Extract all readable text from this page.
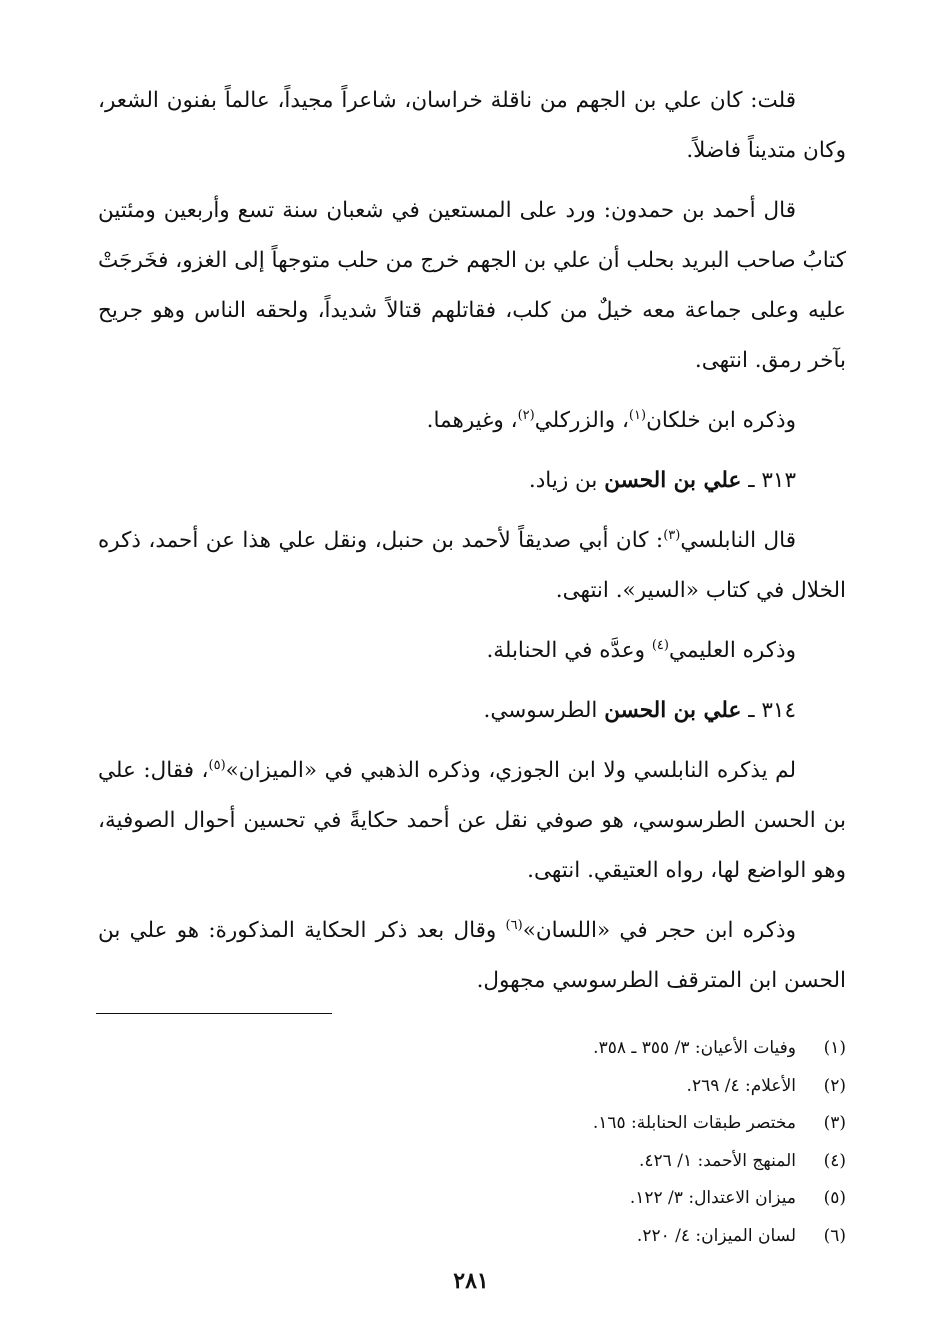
قلت: كان علي بن الجهم من ناقلة خراسان، شاعراً مجيداً، عالماً بفنون الشعر، وكان متديناً فاضلاً.

قال أحمد بن حمدون: ورد على المستعين في شعبان سنة تسع وأربعين ومئتين كتابُ صاحب البريد بحلب أن علي بن الجهم خرج من حلب متوجهاً إلى الغزو، فخَرجَتْ عليه وعلى جماعة معه خيلٌ من كلب، فقاتلهم قتالاً شديداً، ولحقه الناس وهو جريح بآخر رمق. انتهى.

وذكره ابن خلكان$^{(١)}$، والزركلي$^{(٢)}$، وغيرهما.

٣١٣ ـ علي بن الحسن بن زياد.

قال النابلسي$^{(٣)}$: كان أبي صديقاً لأحمد بن حنبل، ونقل علي هذا عن أحمد، ذكره الخلال في كتاب «السير». انتهى.

وذكره العليمي$^{(٤)}$ وعدَّه في الحنابلة.

٣١٤ ـ علي بن الحسن الطرسوسي.

لم يذكره النابلسي ولا ابن الجوزي، وذكره الذهبي في «الميزان»$^{(٥)}$، فقال: علي بن الحسن الطرسوسي، هو صوفي نقل عن أحمد حكايةً في تحسين أحوال الصوفية، وهو الواضع لها، رواه العتيقي. انتهى.

وذكره ابن حجر في «اللسان»$^{(٦)}$ وقال بعد ذكر الحكاية المذكورة: هو علي بن الحسن ابن المترقف الطرسوسي مجهول.

(١)وفيات الأعيان: ٣/ ٣٥٥ ـ ٣٥٨.
(٢)الأعلام: ٤/ ٢٦٩.
(٣)مختصر طبقات الحنابلة: ١٦٥.
(٤)المنهج الأحمد: ١/ ٤٢٦.
(٥)ميزان الاعتدال: ٣/ ١٢٢.
(٦)لسان الميزان: ٤/ ٢٢٠.
٢٨١
